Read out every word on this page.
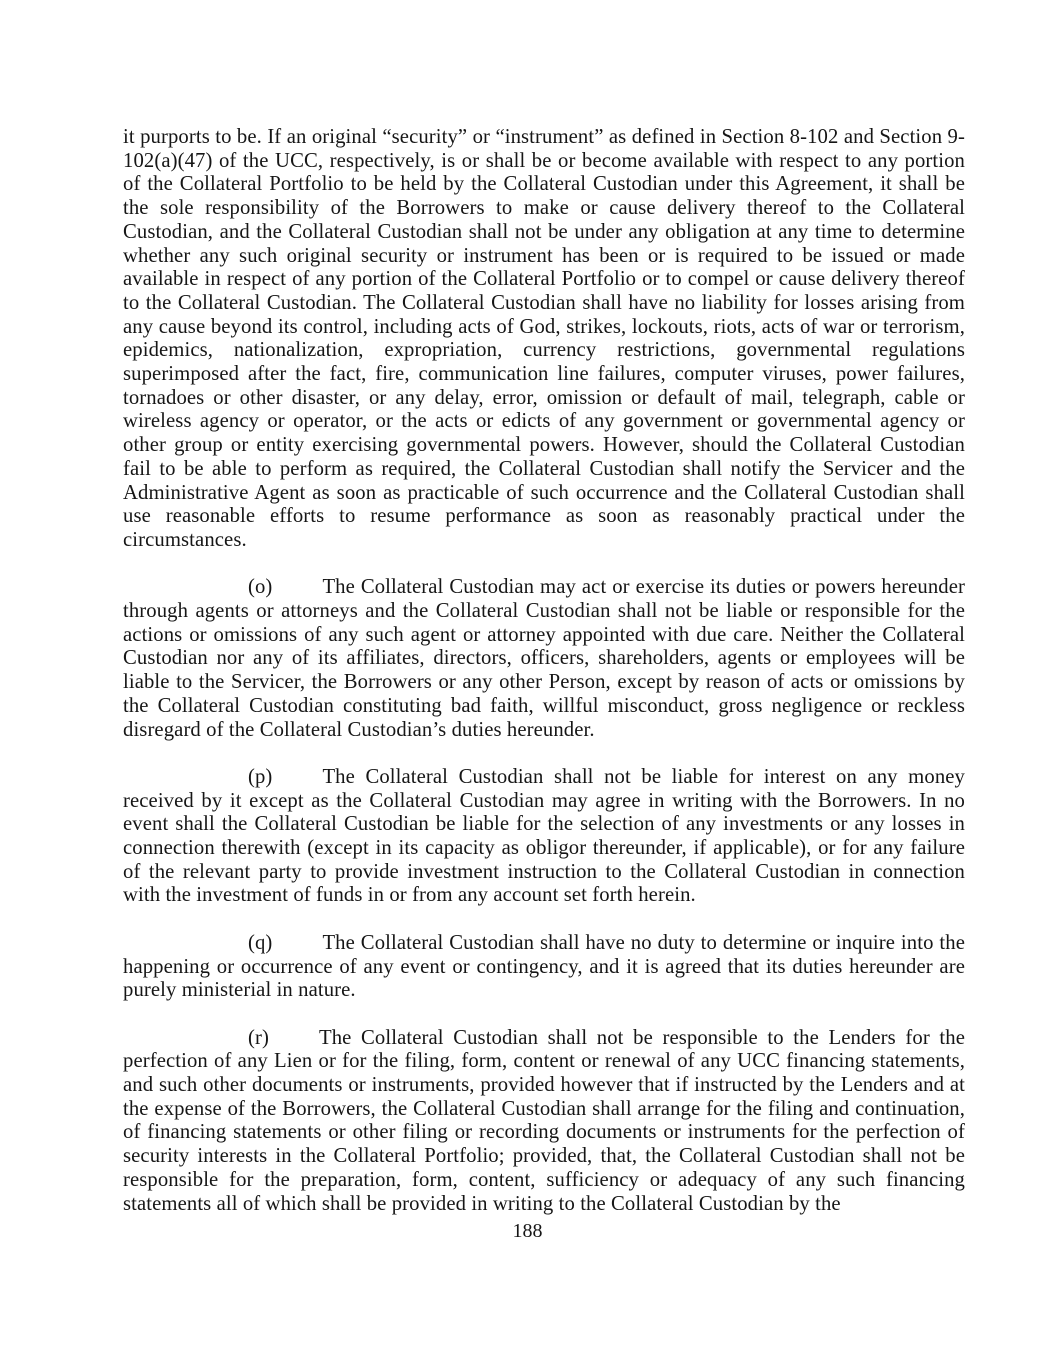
it purports to be. If an original “security” or “instrument” as defined in Section 8-102 and Section 9-102(a)(47) of the UCC, respectively, is or shall be or become available with respect to any portion of the Collateral Portfolio to be held by the Collateral Custodian under this Agreement, it shall be the sole responsibility of the Borrowers to make or cause delivery thereof to the Collateral Custodian, and the Collateral Custodian shall not be under any obligation at any time to determine whether any such original security or instrument has been or is required to be issued or made available in respect of any portion of the Collateral Portfolio or to compel or cause delivery thereof to the Collateral Custodian. The Collateral Custodian shall have no liability for losses arising from any cause beyond its control, including acts of God, strikes, lockouts, riots, acts of war or terrorism, epidemics, nationalization, expropriation, currency restrictions, governmental regulations superimposed after the fact, fire, communication line failures, computer viruses, power failures, tornadoes or other disaster, or any delay, error, omission or default of mail, telegraph, cable or wireless agency or operator, or the acts or edicts of any government or governmental agency or other group or entity exercising governmental powers. However, should the Collateral Custodian fail to be able to perform as required, the Collateral Custodian shall notify the Servicer and the Administrative Agent as soon as practicable of such occurrence and the Collateral Custodian shall use reasonable efforts to resume performance as soon as reasonably practical under the circumstances.

(o) The Collateral Custodian may act or exercise its duties or powers hereunder through agents or attorneys and the Collateral Custodian shall not be liable or responsible for the actions or omissions of any such agent or attorney appointed with due care. Neither the Collateral Custodian nor any of its affiliates, directors, officers, shareholders, agents or employees will be liable to the Servicer, the Borrowers or any other Person, except by reason of acts or omissions by the Collateral Custodian constituting bad faith, willful misconduct, gross negligence or reckless disregard of the Collateral Custodian’s duties hereunder.

(p) The Collateral Custodian shall not be liable for interest on any money received by it except as the Collateral Custodian may agree in writing with the Borrowers. In no event shall the Collateral Custodian be liable for the selection of any investments or any losses in connection therewith (except in its capacity as obligor thereunder, if applicable), or for any failure of the relevant party to provide investment instruction to the Collateral Custodian in connection with the investment of funds in or from any account set forth herein.

(q) The Collateral Custodian shall have no duty to determine or inquire into the happening or occurrence of any event or contingency, and it is agreed that its duties hereunder are purely ministerial in nature.

(r) The Collateral Custodian shall not be responsible to the Lenders for the perfection of any Lien or for the filing, form, content or renewal of any UCC financing statements, and such other documents or instruments, provided however that if instructed by the Lenders and at the expense of the Borrowers, the Collateral Custodian shall arrange for the filing and continuation, of financing statements or other filing or recording documents or instruments for the perfection of security interests in the Collateral Portfolio; provided, that, the Collateral Custodian shall not be responsible for the preparation, form, content, sufficiency or adequacy of any such financing statements all of which shall be provided in writing to the Collateral Custodian by the

188
